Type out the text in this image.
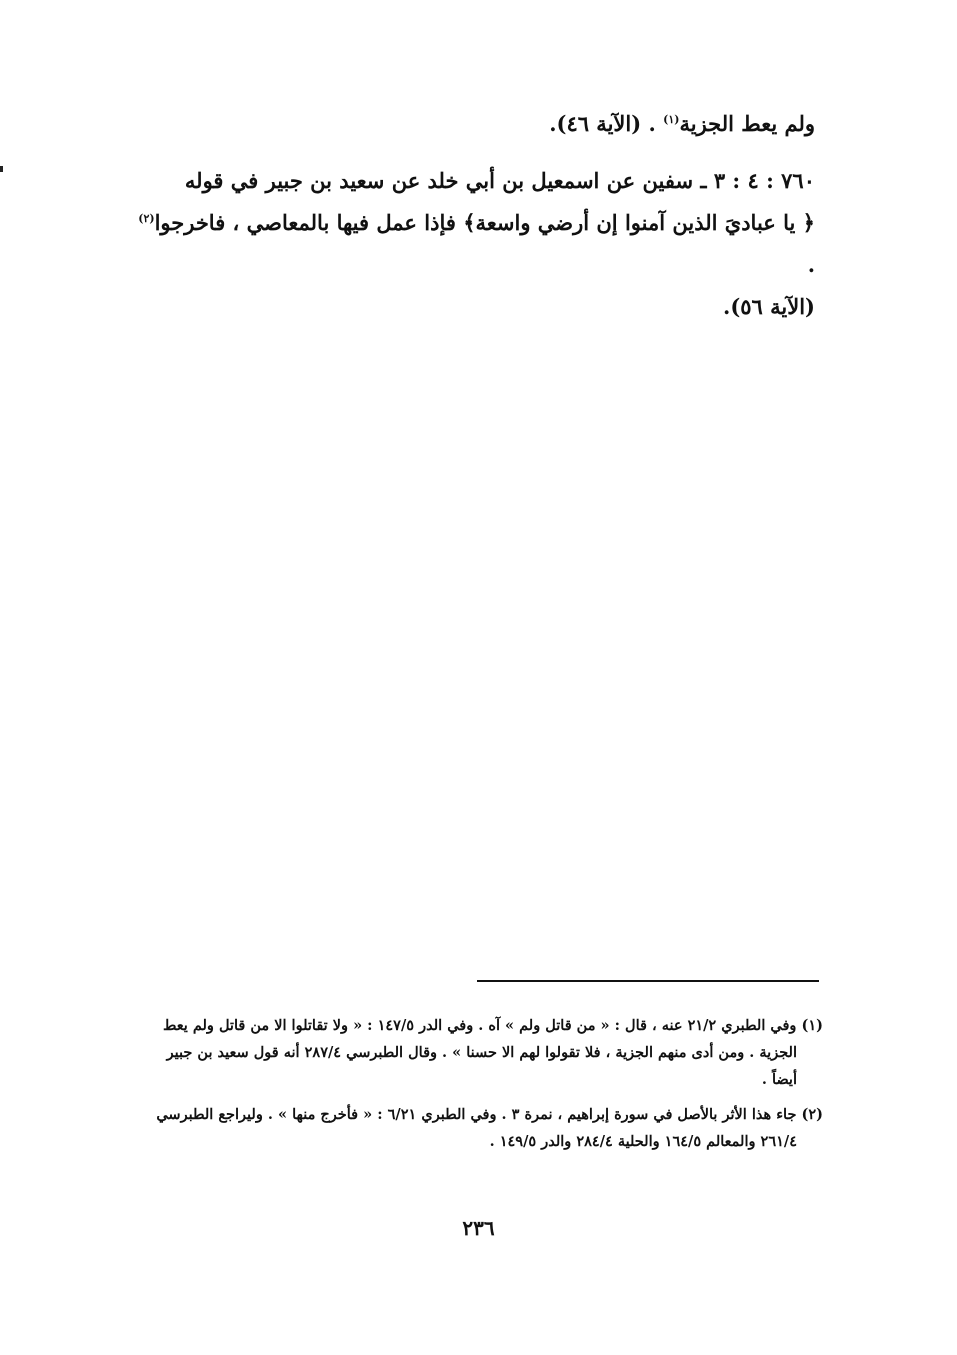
ولم يعط الجزية$^{(١)}$ . (الآية ٤٦).
٧٦٠ : ٤ : ٣ ـ سفين عن اسمعيل بن أبي خلد عن سعيد بن جبير في قوله
﴿ يا عباديَ الذين آمنوا إن أرضي واسعة﴾ فإذا عمل فيها بالمعاصي ، فاخرجوا$^{(٢)}$ .
(الآية ٥٦).
(١) وفي الطبري ٢١/٢ عنه ، قال : « من قاتل ولم » آه . وفي الدر ١٤٧/٥ : « ولا تقاتلوا الا من قاتل ولم يعط
الجزية . ومن أدى منهم الجزية ، فلا تقولوا لهم الا حسنا » . وقال الطبرسي ٢٨٧/٤ أنه قول سعيد بن جبير
أيضاً .
(٢) جاء هذا الأثر بالأصل في سورة إبراهيم ، نمرة ٣ . وفي الطبري ٦/٢١ : « فأخرج منها » . وليراجع الطبرسي
٢٦١/٤ والمعالم ١٦٤/٥ والحلية ٢٨٤/٤ والدر ١٤٩/٥ .
٢٣٦
